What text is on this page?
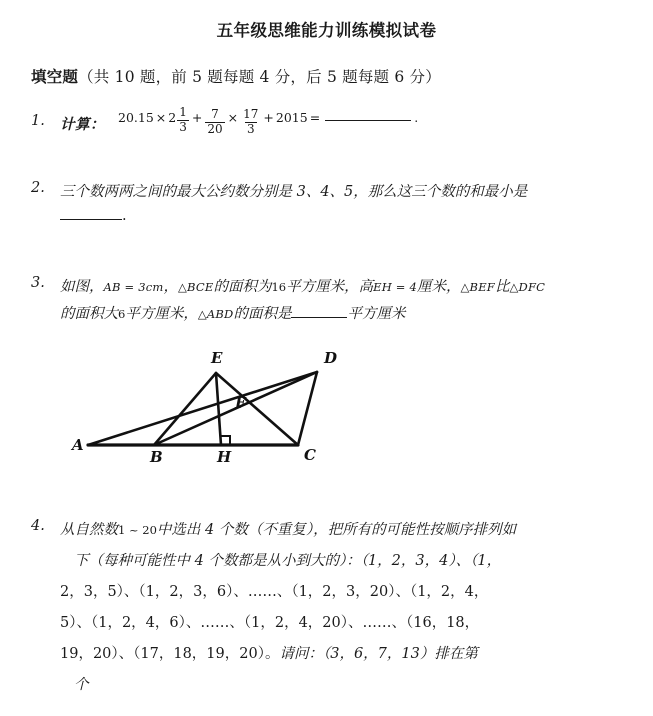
五年级思维能力训练模拟试卷
填空题（共 10 题，前 5 题每题 4 分，后 5 题每题 6 分）
1. 计算： $20.15 \times 2 \frac{1}{3} + \frac{7}{20} \times \frac{17}{3} + 2015$ =	.
2. 三个数两两之间的最大公约数分别是 3、4、5，那么这三个数的和最小是
.
3. 如图，AB = 3cm，△BCE的面积为16平方厘米，高EH = 4厘米，△BEF比△DFC
的面积大6平方厘米，△ABD的面积是	平方厘米
A
B	C
D
E
F
H
4. 从自然数1 ~ 20中选出 4 个数（不重复），把所有的可能性按顺序排列如
下（每种可能性中 4 个数都是从小到大的）：（1，2，3，4）、（1，
2，3，5）、（1，2，3，6）、……、（1，2，3，20）、（1，2，4，
5）、（1，2，4，6）、……、（1，2，4，20）、……、（16，18，
19，20）、（17，18，19，20）。请问：（3，6，7，13）排在第
个
